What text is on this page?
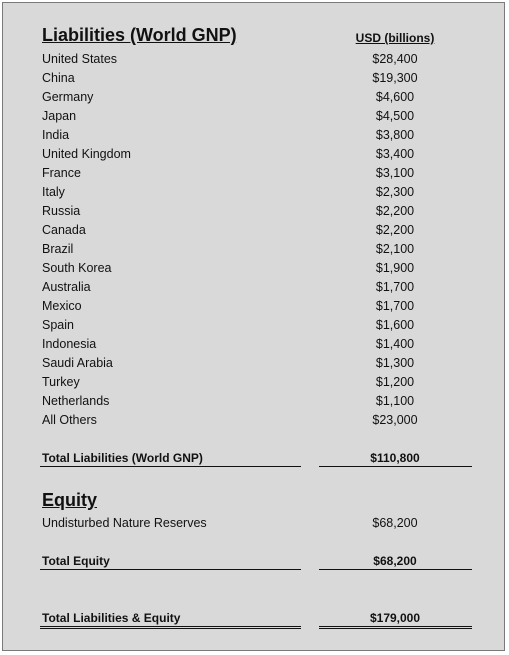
Liabilities (World GNP)	USD (billions)
United States	$28,400
China	$19,300
Germany	$4,600
Japan	$4,500
India	$3,800
United Kingdom	$3,400
France	$3,100
Italy	$2,300
Russia	$2,200
Canada	$2,200
Brazil	$2,100
South Korea	$1,900
Australia	$1,700
Mexico	$1,700
Spain	$1,600
Indonesia	$1,400
Saudi Arabia	$1,300
Turkey	$1,200
Netherlands	$1,100
All Others	$23,000
Total Liabilities (World GNP)	$110,800
Equity
Undisturbed Nature Reserves	$68,200
Total Equity	$68,200
Total Liabilities & Equity	$179,000
